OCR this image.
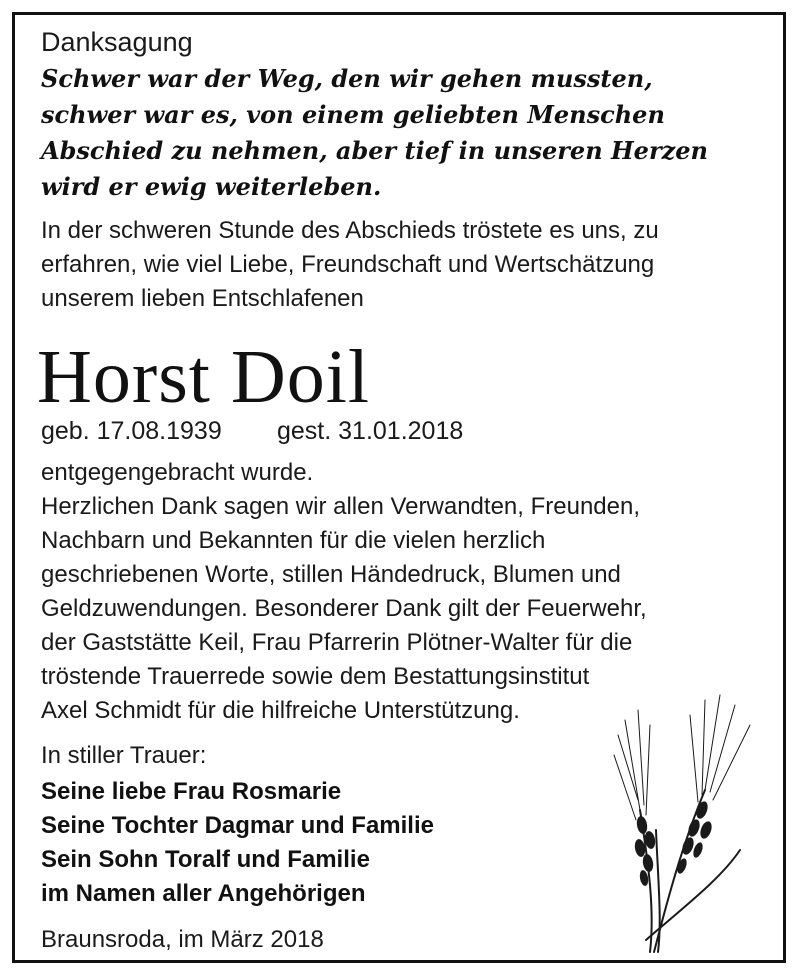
Danksagung

Schwer war der Weg, den wir gehen mussten,

schwer war es, von einem geliebten Menschen

Abschied zu nehmen, aber tief in unseren Herzen

wird er ewig weiterleben.

In der schweren Stunde des Abschieds tröstete es uns, zu

erfahren, wie viel Liebe, Freundschaft und Wertschätzung

unserem lieben Entschlafenen

Horst Doil

geb. 17.08.1939 gest. 31.01.2018

entgegengebracht wurde.

Herzlichen Dank sagen wir allen Verwandten, Freunden,

Nachbarn und Bekannten für die vielen herzlich

geschriebenen Worte, stillen Händedruck, Blumen und

Geldzuwendungen. Besonderer Dank gilt der Feuerwehr,

der Gaststätte Keil, Frau Pfarrerin Plötner-Walter für die

tröstende Trauerrede sowie dem Bestattungsinstitut

Axel Schmidt für die hilfreiche Unterstützung.

In stiller Trauer:

Seine liebe Frau Rosmarie

Seine Tochter Dagmar und Familie

Sein Sohn Toralf und Familie

im Namen aller Angehörigen

Braunsroda, im März 2018
